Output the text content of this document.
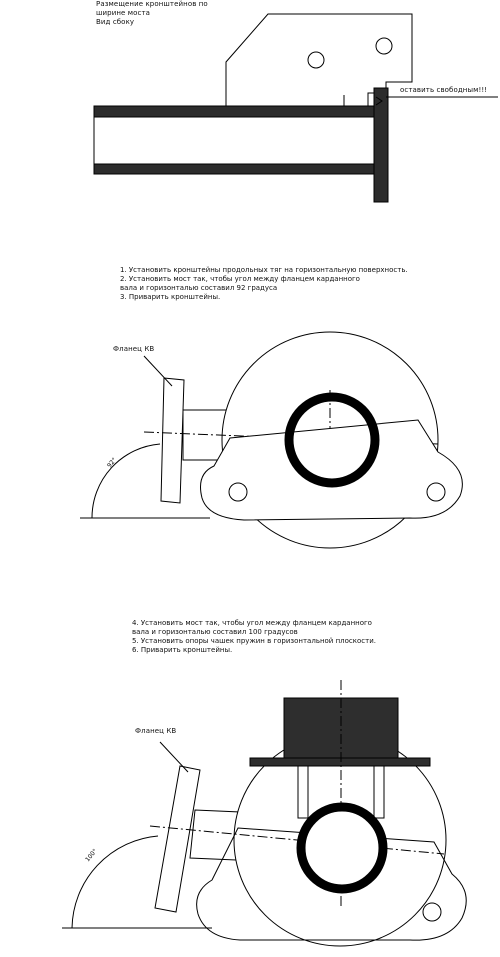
92°
100°
Размещение кронштейнов по
ширине моста
Вид сбоку
оставить свободным!!!
1. Установить кронштейны продольных тяг на горизонтальную поверхность.
2. Установить мост так, чтобы угол между фланцем карданного
вала и горизонталью составил 92 градуса
3. Приварить кронштейны.
Фланец КВ
4. Установить мост так, чтобы угол между фланцем карданного
вала и горизонталью составил 100 градусов
5. Установить опоры чашек пружин в горизонтальной плоскости.
6. Приварить кронштейны.
Фланец КВ
